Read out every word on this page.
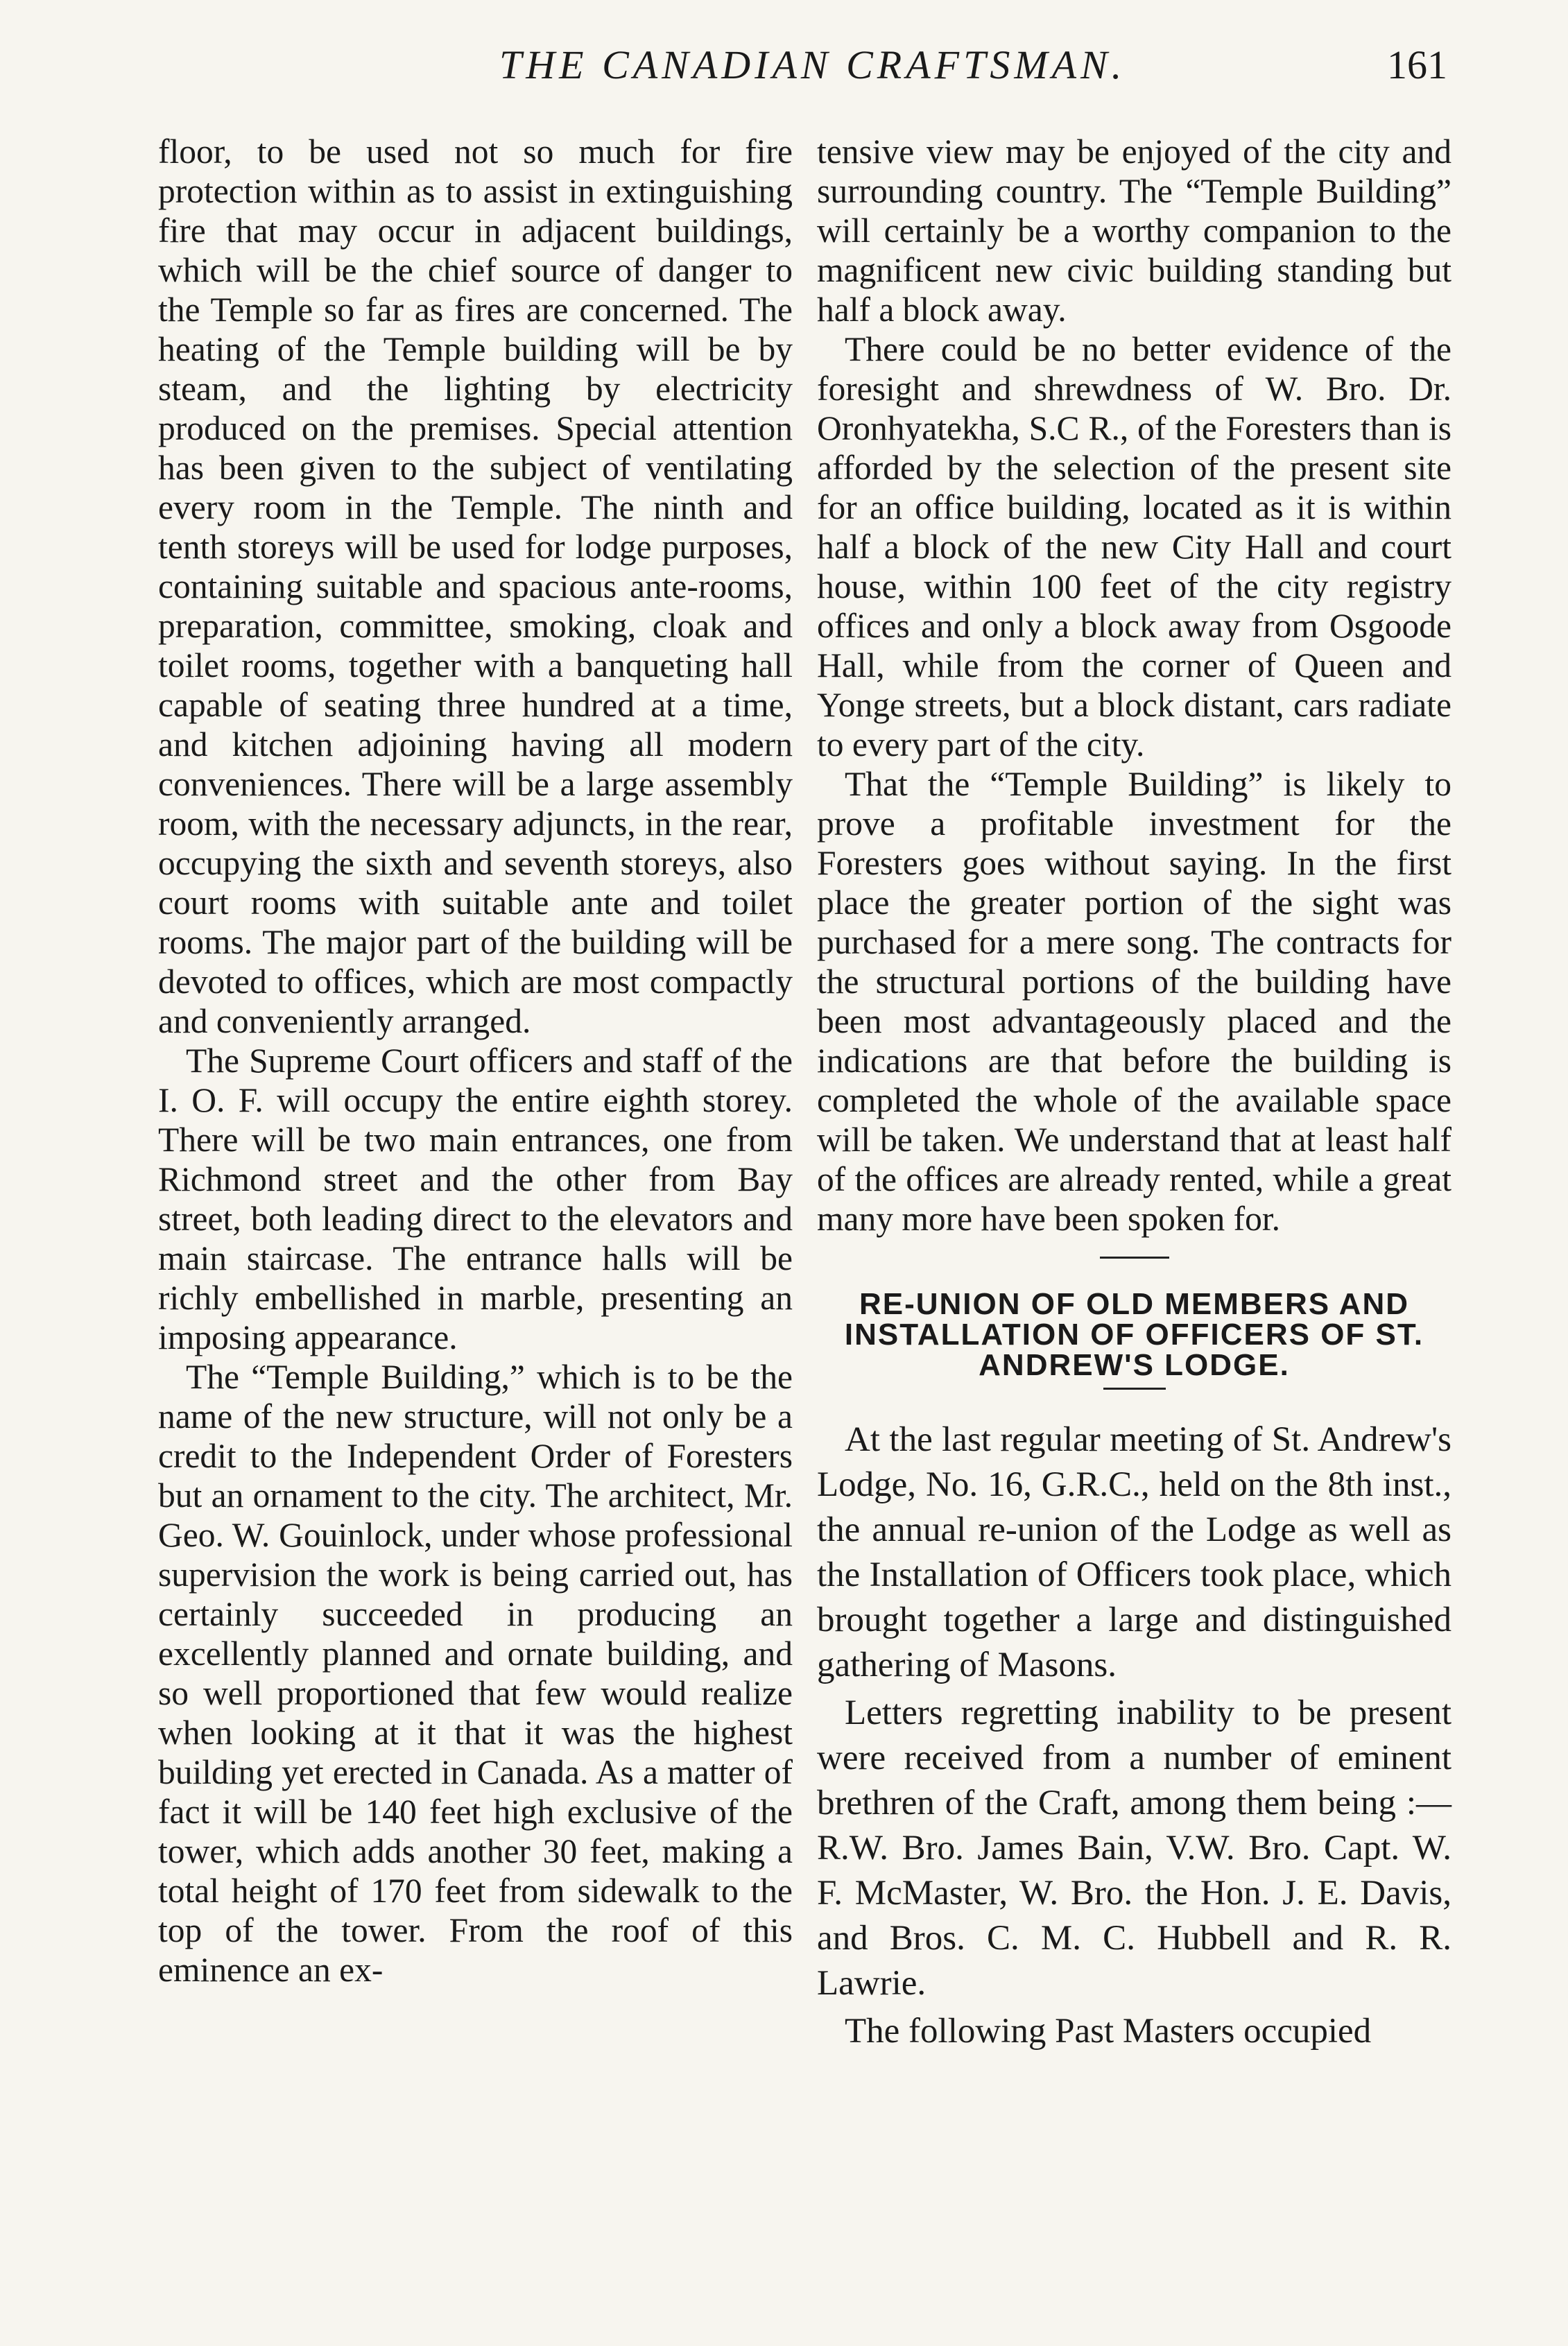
THE CANADIAN CRAFTSMAN.	161

floor, to be used not so much for fire protection within as to assist in extinguishing fire that may occur in adjacent buildings, which will be the chief source of danger to the Temple so far as fires are concerned. The heating of the Temple building will be by steam, and the lighting by electricity produced on the premises. Special attention has been given to the subject of ventilating every room in the Temple. The ninth and tenth storeys will be used for lodge purposes, containing suitable and spacious ante-rooms, preparation, committee, smoking, cloak and toilet rooms, together with a banqueting hall capable of seating three hundred at a time, and kitchen adjoining having all modern conveniences. There will be a large assembly room, with the necessary adjuncts, in the rear, occupying the sixth and seventh storeys, also court rooms with suitable ante and toilet rooms. The major part of the building will be devoted to offices, which are most compactly and conveniently arranged.

The Supreme Court officers and staff of the I. O. F. will occupy the entire eighth storey. There will be two main entrances, one from Richmond street and the other from Bay street, both leading direct to the elevators and main staircase. The entrance halls will be richly embellished in marble, presenting an imposing appearance.

The “Temple Building,” which is to be the name of the new structure, will not only be a credit to the Independent Order of Foresters but an ornament to the city. The architect, Mr. Geo. W. Gouinlock, under whose professional supervision the work is being carried out, has certainly succeeded in producing an excellently planned and ornate building, and so well proportioned that few would realize when looking at it that it was the highest building yet erected in Canada. As a matter of fact it will be 140 feet high exclusive of the tower, which adds another 30 feet, making a total height of 170 feet from sidewalk to the top of the tower. From the roof of this eminence an ex-

tensive view may be enjoyed of the city and surrounding country. The “Temple Building” will certainly be a worthy companion to the magnificent new civic building standing but half a block away.

There could be no better evidence of the foresight and shrewdness of W. Bro. Dr. Oronhyatekha, S.C R., of the Foresters than is afforded by the selection of the present site for an office building, located as it is within half a block of the new City Hall and court house, within 100 feet of the city registry offices and only a block away from Osgoode Hall, while from the corner of Queen and Yonge streets, but a block distant, cars radiate to every part of the city.

That the “Temple Building” is likely to prove a profitable investment for the Foresters goes without saying. In the first place the greater portion of the sight was purchased for a mere song. The contracts for the structural portions of the building have been most advantageously placed and the indications are that before the building is completed the whole of the available space will be taken. We understand that at least half of the offices are already rented, while a great many more have been spoken for.

RE-UNION OF OLD MEMBERS AND INSTALLATION OF OFFICERS OF ST. ANDREW'S LODGE.

At the last regular meeting of St. Andrew's Lodge, No. 16, G.R.C., held on the 8th inst., the annual re-union of the Lodge as well as the Installation of Officers took place, which brought together a large and distinguished gathering of Masons.

Letters regretting inability to be present were received from a number of eminent brethren of the Craft, among them being :—R.W. Bro. James Bain, V.W. Bro. Capt. W. F. McMaster, W. Bro. the Hon. J. E. Davis, and Bros. C. M. C. Hubbell and R. R. Lawrie.

The following Past Masters occupied
